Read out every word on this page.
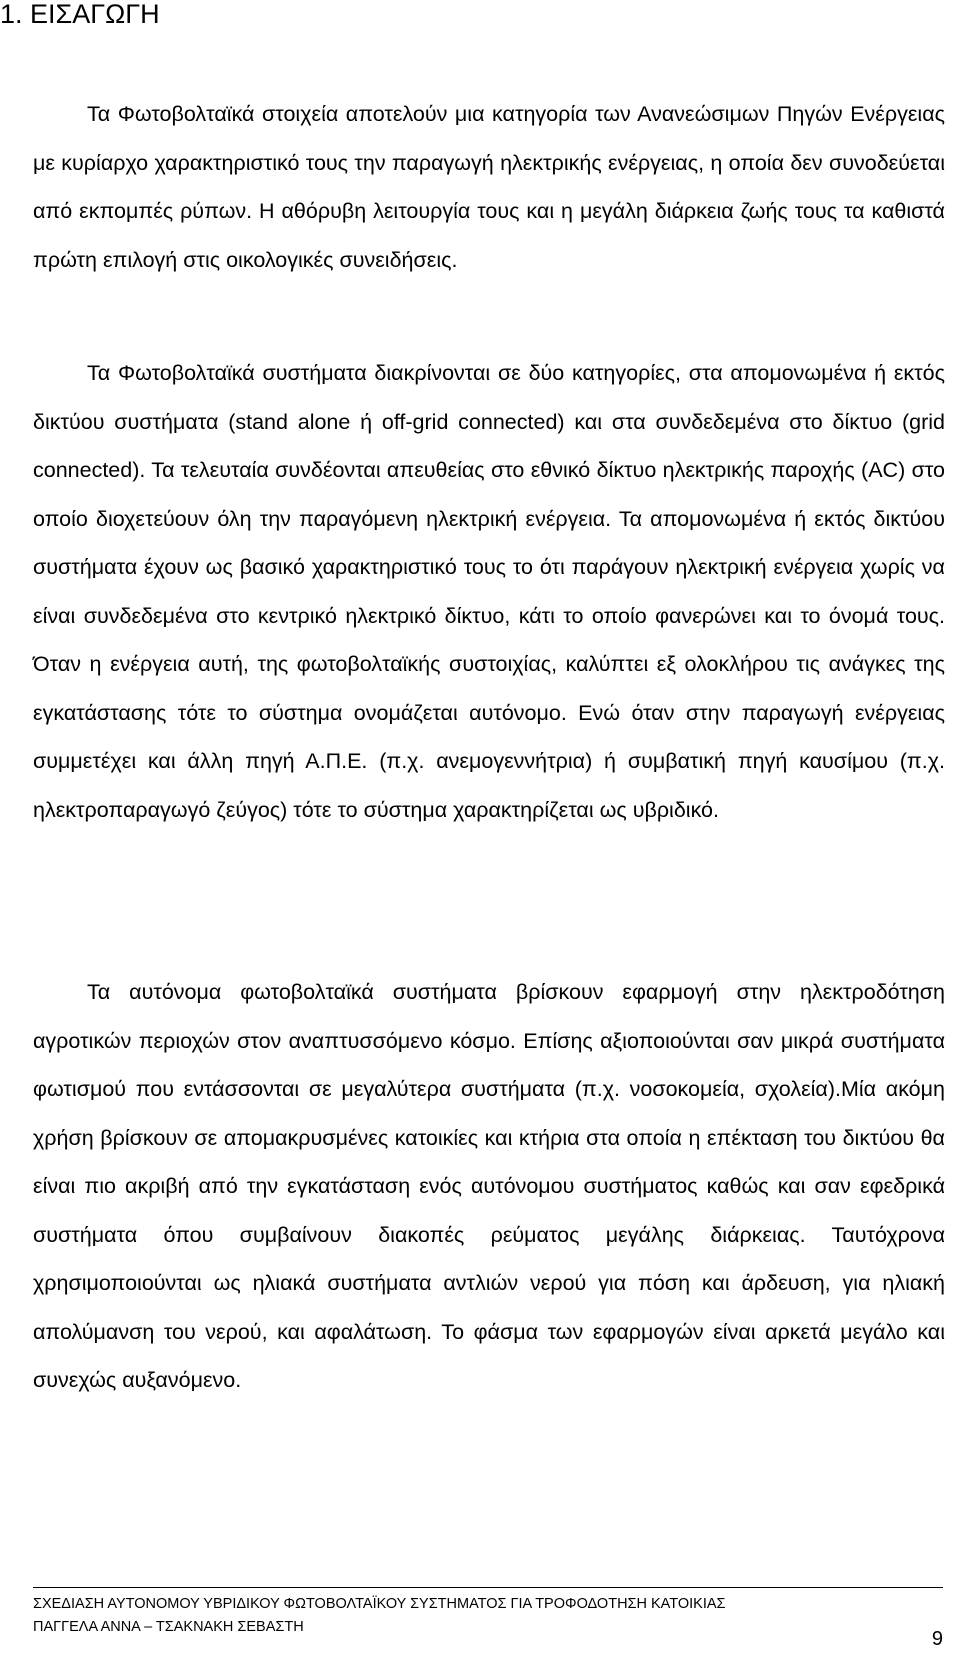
1. ΕΙΣΑΓΩΓΗ

Τα Φωτοβολταϊκά στοιχεία αποτελούν μια κατηγορία των Ανανεώσιμων Πηγών Ενέργειας με κυρίαρχο χαρακτηριστικό τους την παραγωγή ηλεκτρικής ενέργειας, η οποία δεν συνοδεύεται από εκπομπές ρύπων. Η αθόρυβη λειτουργία τους και η μεγάλη διάρκεια ζωής τους τα καθιστά πρώτη επιλογή στις οικολογικές συνειδήσεις.

Τα Φωτοβολταϊκά συστήματα διακρίνονται σε δύο κατηγορίες, στα απομονωμένα ή εκτός δικτύου συστήματα (stand alone ή off-grid connected) και στα συνδεδεμένα στο δίκτυο (grid connected). Τα τελευταία συνδέονται απευθείας στο εθνικό δίκτυο ηλεκτρικής παροχής (AC) στο οποίο διοχετεύουν όλη την παραγόμενη ηλεκτρική ενέργεια. Τα απομονωμένα ή εκτός δικτύου συστήματα έχουν ως βασικό χαρακτηριστικό τους το ότι παράγουν ηλεκτρική ενέργεια χωρίς να είναι συνδεδεμένα στο κεντρικό ηλεκτρικό δίκτυο, κάτι το οποίο φανερώνει και το όνομά τους. Όταν η ενέργεια αυτή, της φωτοβολταϊκής συστοιχίας, καλύπτει εξ ολοκλήρου τις ανάγκες της εγκατάστασης τότε το σύστημα ονομάζεται αυτόνομο. Ενώ όταν στην παραγωγή ενέργειας συμμετέχει και άλλη πηγή Α.Π.Ε. (π.χ. ανεμογεννήτρια) ή συμβατική πηγή καυσίμου (π.χ. ηλεκτροπαραγωγό ζεύγος) τότε το σύστημα χαρακτηρίζεται ως υβριδικό.

Τα αυτόνομα φωτοβολταϊκά συστήματα βρίσκουν εφαρμογή στην ηλεκτροδότηση αγροτικών περιοχών στον αναπτυσσόμενο κόσμο. Επίσης αξιοποιούνται σαν μικρά συστήματα φωτισμού που εντάσσονται σε μεγαλύτερα συστήματα (π.χ. νοσοκομεία, σχολεία).Μία ακόμη χρήση βρίσκουν σε απομακρυσμένες κατοικίες και κτήρια στα οποία η επέκταση του δικτύου θα είναι πιο ακριβή από την εγκατάσταση ενός αυτόνομου συστήματος καθώς και σαν εφεδρικά συστήματα όπου συμβαίνουν διακοπές ρεύματος μεγάλης διάρκειας. Ταυτόχρονα χρησιμοποιούνται ως ηλιακά συστήματα αντλιών νερού για πόση και άρδευση, για ηλιακή απολύμανση του νερού, και αφαλάτωση. Το φάσμα των εφαρμογών είναι αρκετά μεγάλο και συνεχώς αυξανόμενο.

ΣΧΕΔΙΑΣΗ ΑΥΤΟΝΟΜΟΥ ΥΒΡΙΔΙΚΟΥ ΦΩΤΟΒΟΛΤΑΪΚΟΥ ΣΥΣΤΗΜΑΤΟΣ ΓΙΑ ΤΡΟΦΟΔΟΤΗΣΗ ΚΑΤΟΙΚΙΑΣ

ΠΑΓΓΕΛΑ ΑΝΝΑ – ΤΣΑΚΝΑΚΗ ΣΕΒΑΣΤΗ

9
